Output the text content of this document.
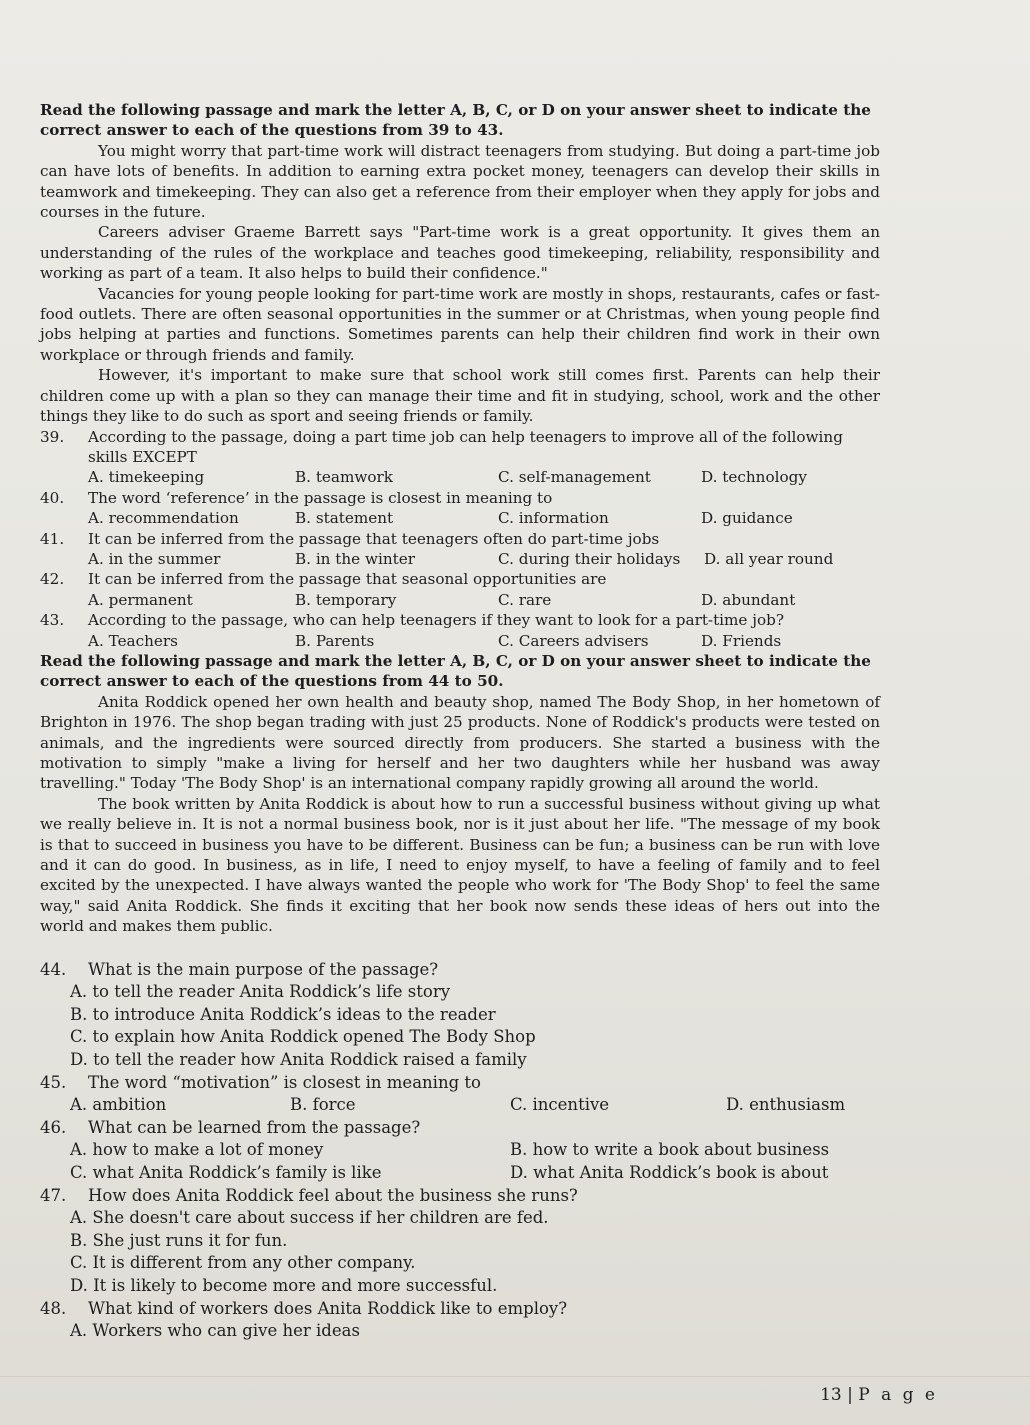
Read the following passage and mark the letter A, B, C, or D on your answer sheet to indicate the correct answer to each of the questions from 39 to 43.

You might worry that part-time work will distract teenagers from studying. But doing a part-time job can have lots of benefits. In addition to earning extra pocket money, teenagers can develop their skills in teamwork and timekeeping. They can also get a reference from their employer when they apply for jobs and courses in the future.

Careers adviser Graeme Barrett says "Part-time work is a great opportunity. It gives them an understanding of the rules of the workplace and teaches good timekeeping, reliability, responsibility and working as part of a team. It also helps to build their confidence."

Vacancies for young people looking for part-time work are mostly in shops, restaurants, cafes or fast-food outlets. There are often seasonal opportunities in the summer or at Christmas, when young people find jobs helping at parties and functions. Sometimes parents can help their children find work in their own workplace or through friends and family.

However, it's important to make sure that school work still comes first. Parents can help their children come up with a plan so they can manage their time and fit in studying, school, work and the other things they like to do such as sport and seeing friends or family.

39.	According to the passage, doing a part time job can help teenagers to improve all of the following skills EXCEPT
A. timekeeping	B. teamwork	C. self-management	D. technology
40.	The word ‘reference’ in the passage is closest in meaning to
A. recommendation	B. statement	C. information	D. guidance
41.	It can be inferred from the passage that teenagers often do part-time jobs
A. in the summer	B. in the winter	C. during their holidays	D. all year round
42.	It can be inferred from the passage that seasonal opportunities are
A. permanent	B. temporary	C. rare	D. abundant
43.	According to the passage, who can help teenagers if they want to look for a part-time job?
A. Teachers	B. Parents	C. Careers advisers	D. Friends

Read the following passage and mark the letter A, B, C, or D on your answer sheet to indicate the correct answer to each of the questions from 44 to 50.

Anita Roddick opened her own health and beauty shop, named The Body Shop, in her hometown of Brighton in 1976. The shop began trading with just 25 products. None of Roddick's products were tested on animals, and the ingredients were sourced directly from producers. She started a business with the motivation to simply "make a living for herself and her two daughters while her husband was away travelling." Today 'The Body Shop' is an international company rapidly growing all around the world.

The book written by Anita Roddick is about how to run a successful business without giving up what we really believe in. It is not a normal business book, nor is it just about her life. "The message of my book is that to succeed in business you have to be different. Business can be fun; a business can be run with love and it can do good. In business, as in life, I need to enjoy myself, to have a feeling of family and to feel excited by the unexpected. I have always wanted the people who work for 'The Body Shop' to feel the same way," said Anita Roddick. She finds it exciting that her book now sends these ideas of hers out into the world and makes them public.

44.	What is the main purpose of the passage?
A. to tell the reader Anita Roddick’s life story
B. to introduce Anita Roddick’s ideas to the reader
C. to explain how Anita Roddick opened The Body Shop
D. to tell the reader how Anita Roddick raised a family
45.	The word “motivation” is closest in meaning to
A. ambition	B. force	C. incentive	D. enthusiasm
46.	What can be learned from the passage?
A. how to make a lot of money	B. how to write a book about business
C. what Anita Roddick’s family is like	D. what Anita Roddick’s book is about
47.	How does Anita Roddick feel about the business she runs?
A. She doesn't care about success if her children are fed.
B. She just runs it for fun.
C. It is different from any other company.
D. It is likely to become more and more successful.
48.	What kind of workers does Anita Roddick like to employ?
A. Workers who can give her ideas
13 | P a g e
